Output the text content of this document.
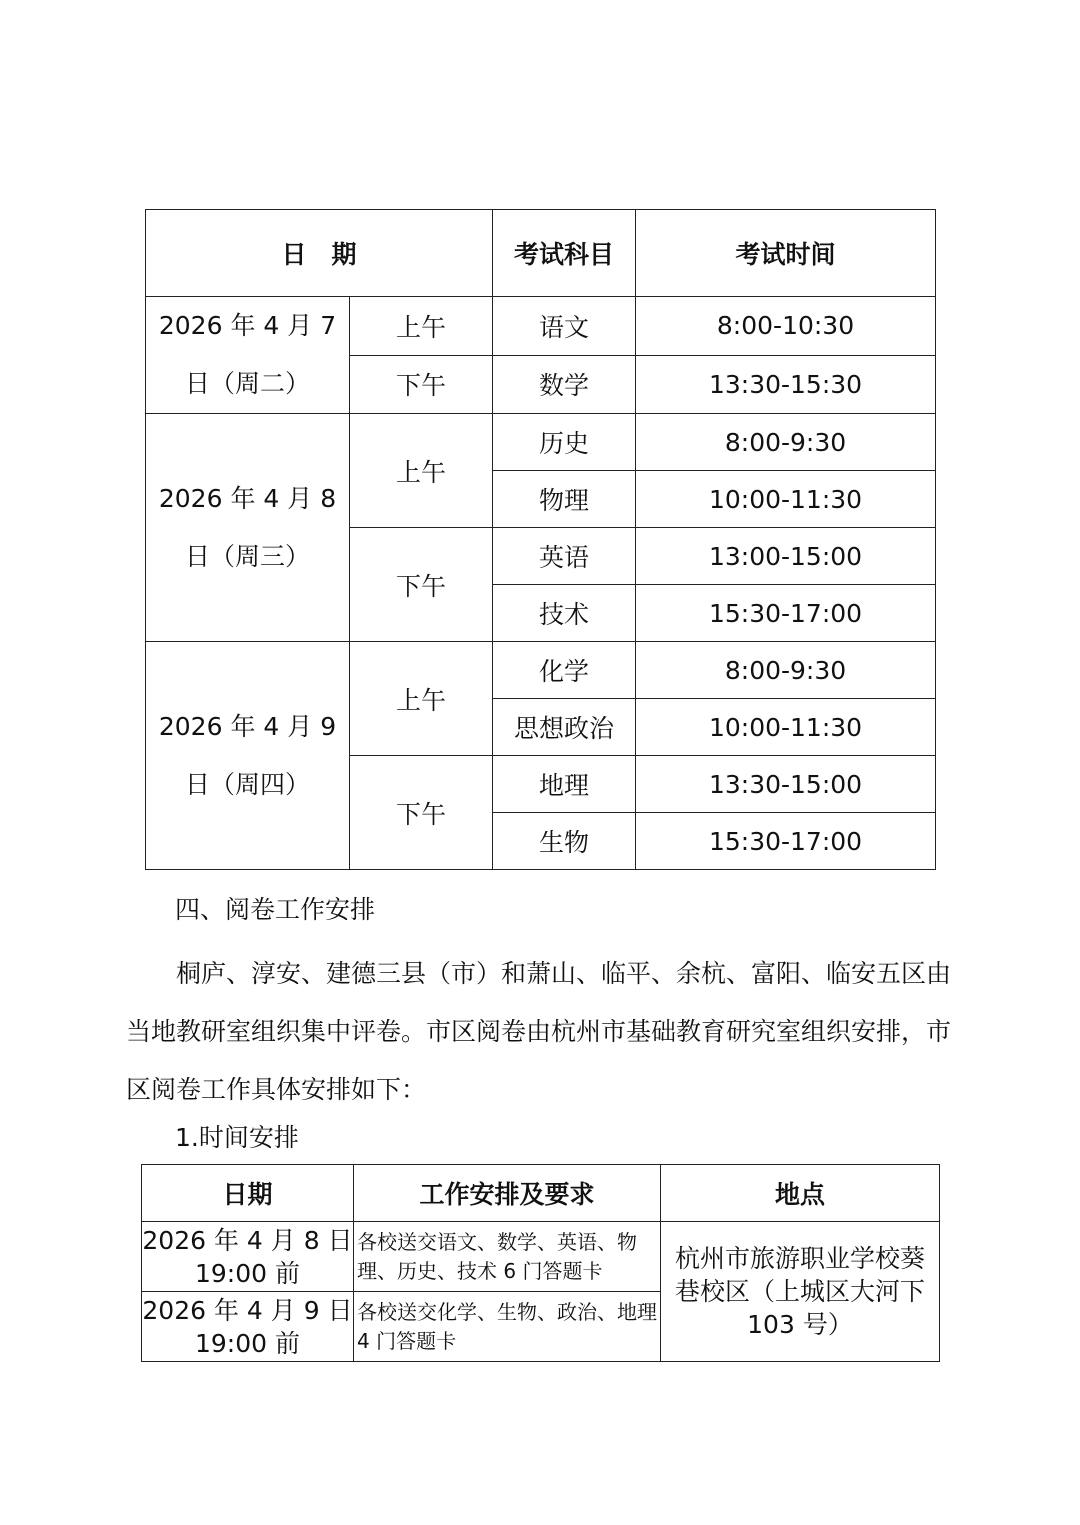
日　期		考试科目	考试时间
2026 年 4 月 7 日（周二）	上午	语文	8:00-10:30
	下午	数学	13:30-15:30
2026 年 4 月 8 日（周三）	上午	历史	8:00-9:30
		物理	10:00-11:30
	下午	英语	13:00-15:00
		技术	15:30-17:00
2026 年 4 月 9 日（周四）	上午	化学	8:00-9:30
		思想政治	10:00-11:30
	下午	地理	13:30-15:00
		生物	15:30-17:00
四、阅卷工作安排
桐庐、淳安、建德三县（市）和萧山、临平、余杭、富阳、临安五区由
当地教研室组织集中评卷。市区阅卷由杭州市基础教育研究室组织安排，市
区阅卷工作具体安排如下：
1.时间安排
日期	工作安排及要求	地点
2026 年 4 月 8 日 19:00 前	各校送交语文、数学、英语、物理、历史、技术 6 门答题卡	杭州市旅游职业学校葵巷校区（上城区大河下 103 号）
2026 年 4 月 9 日 19:00 前	各校送交化学、生物、政治、地理 4 门答题卡	
